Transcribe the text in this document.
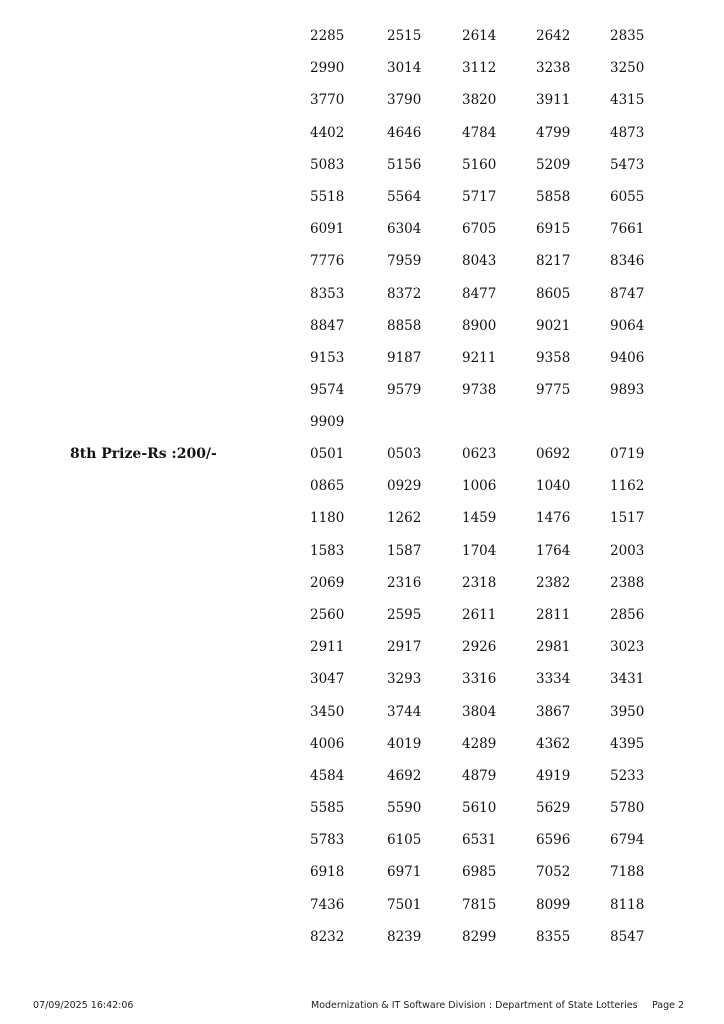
2285	2515	2614	2642	2835
2990	3014	3112	3238	3250
3770	3790	3820	3911	4315
4402	4646	4784	4799	4873
5083	5156	5160	5209	5473
5518	5564	5717	5858	6055
6091	6304	6705	6915	7661
7776	7959	8043	8217	8346
8353	8372	8477	8605	8747
8847	8858	8900	9021	9064
9153	9187	9211	9358	9406
9574	9579	9738	9775	9893
9909
8th Prize-Rs :200/-	0501	0503	0623	0692	0719
0865	0929	1006	1040	1162
1180	1262	1459	1476	1517
1583	1587	1704	1764	2003
2069	2316	2318	2382	2388
2560	2595	2611	2811	2856
2911	2917	2926	2981	3023
3047	3293	3316	3334	3431
3450	3744	3804	3867	3950
4006	4019	4289	4362	4395
4584	4692	4879	4919	5233
5585	5590	5610	5629	5780
5783	6105	6531	6596	6794
6918	6971	6985	7052	7188
7436	7501	7815	8099	8118
8232	8239	8299	8355	8547
07/09/2025 16:42:06	Modernization & IT Software Division : Department of State Lotteries Page 2
